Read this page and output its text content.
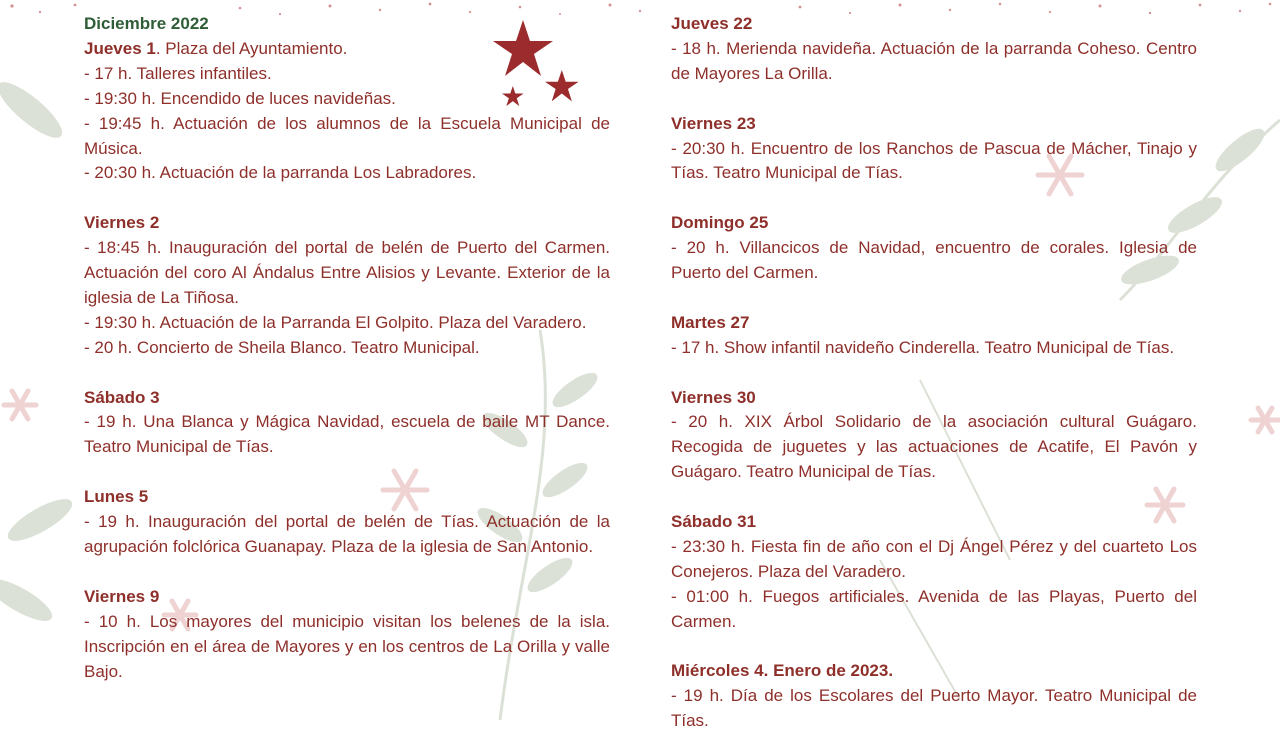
Diciembre 2022
Jueves 1. Plaza del Ayuntamiento.
- 17 h. Talleres infantiles.
- 19:30 h. Encendido de luces navideñas.
- 19:45 h. Actuación de los alumnos de la Escuela Municipal de Música.
- 20:30 h. Actuación de la parranda Los Labradores.
Viernes 2
- 18:45 h. Inauguración del portal de belén de Puerto del Carmen. Actuación del coro Al Ándalus Entre Alisios y Levante. Exterior de la iglesia de La Tiñosa.
- 19:30 h. Actuación de la Parranda El Golpito. Plaza del Varadero.
- 20 h. Concierto de Sheila Blanco. Teatro Municipal.
Sábado 3
- 19 h. Una Blanca y Mágica Navidad, escuela de baile MT Dance. Teatro Municipal de Tías.
Lunes 5
- 19 h. Inauguración del portal de belén de Tías. Actuación de la agrupación folclórica Guanapay. Plaza de la iglesia de San Antonio.
Viernes 9
- 10 h. Los mayores del municipio visitan los belenes de la isla. Inscripción en el área de Mayores y en los centros de La Orilla y valle Bajo.
Jueves 22
- 18 h. Merienda navideña. Actuación de la parranda Coheso. Centro de Mayores La Orilla.
Viernes 23
- 20:30 h. Encuentro de los Ranchos de Pascua de Mácher, Tinajo y Tías. Teatro Municipal de Tías.
Domingo 25
- 20 h. Villancicos de Navidad, encuentro de corales. Iglesia de Puerto del Carmen.
Martes 27
- 17 h. Show infantil navideño Cinderella. Teatro Municipal de Tías.
Viernes 30
- 20 h. XIX Árbol Solidario de la asociación cultural Guágaro. Recogida de juguetes y las actuaciones de Acatife, El Pavón y Guágaro. Teatro Municipal de Tías.
Sábado 31
- 23:30 h. Fiesta fin de año con el Dj Ángel Pérez y del cuarteto Los Conejeros. Plaza del Varadero.
- 01:00 h. Fuegos artificiales. Avenida de las Playas, Puerto del Carmen.
Miércoles 4. Enero de 2023.
- 19 h. Día de los Escolares del Puerto Mayor. Teatro Municipal de Tías.
